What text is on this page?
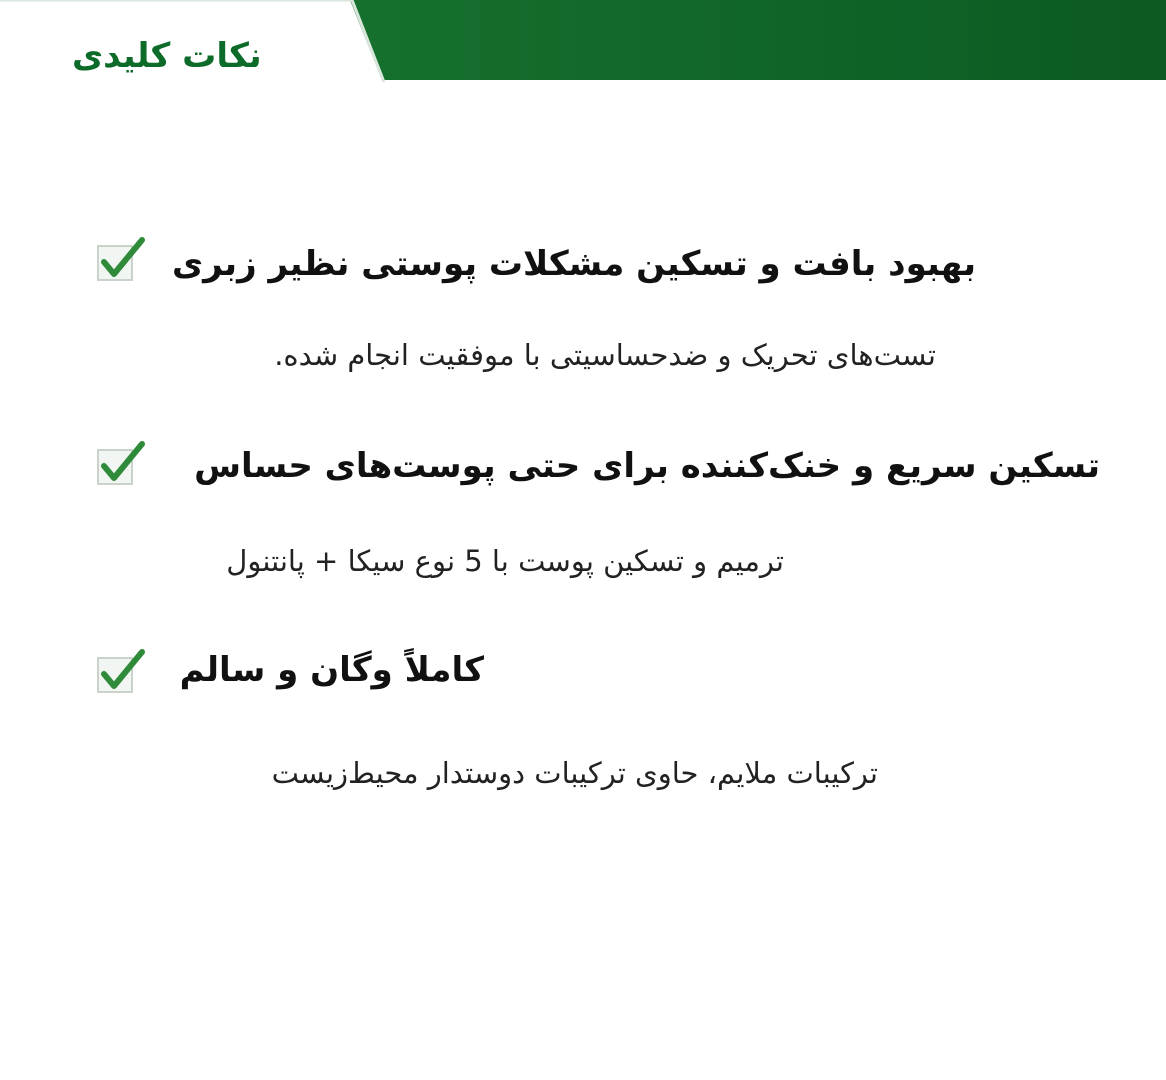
نکات کلیدی
بهبود بافت و تسکین مشکلات پوستی نظیر زبری
تست‌های تحریک و ضدحساسیتی با موفقیت انجام شده.
تسکین سریع و خنک‌کننده برای حتی پوست‌های حساس
ترمیم و تسکین پوست با 5 نوع سیکا + پانتنول
کاملاً وگان و سالم
ترکیبات ملایم، حاوی ترکیبات دوستدار محیط‌زیست
